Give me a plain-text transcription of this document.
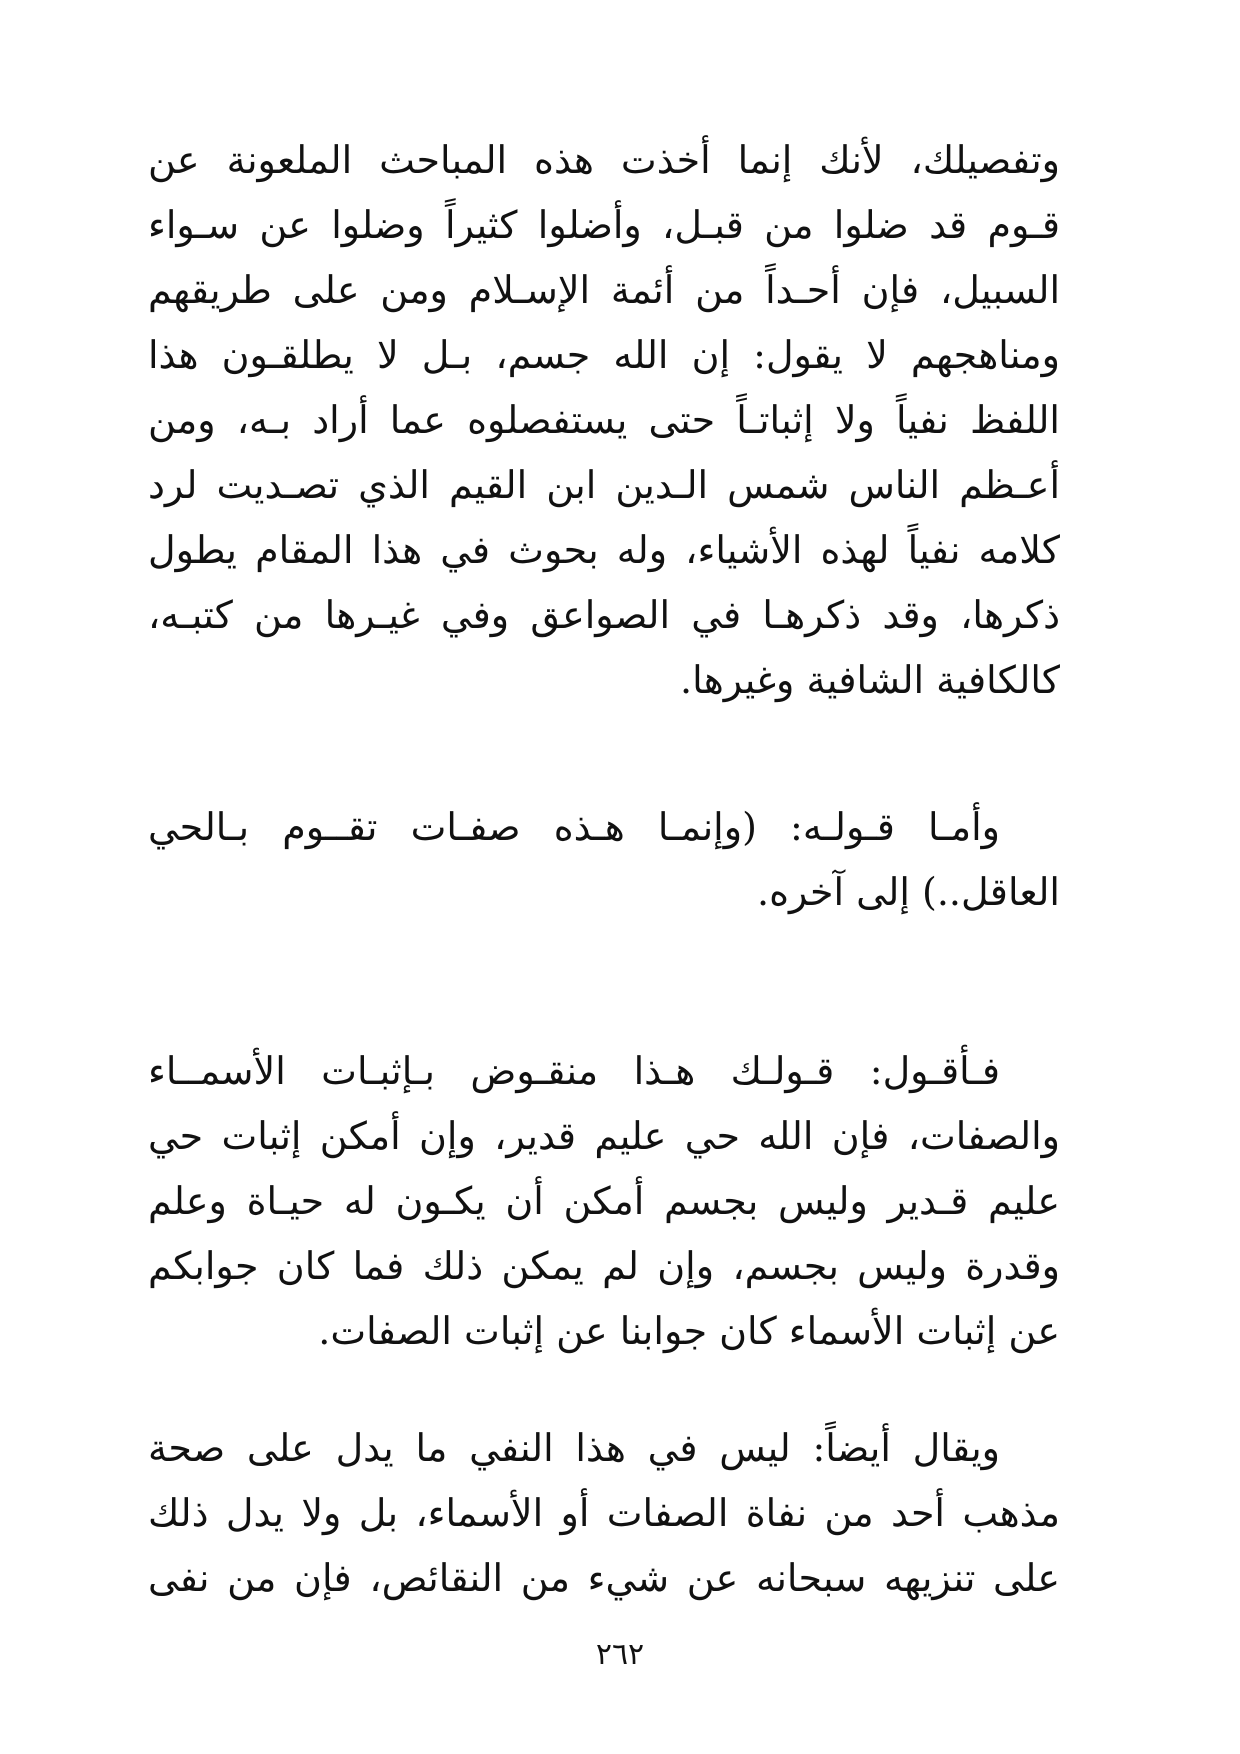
وتفصيلك، لأنك إنما أخذت هذه المباحث الملعونة عن
قـوم قد ضلوا من قبـل، وأضلوا كثيراً وضلوا عن سـواء
السبيل، فإن أحـداً من أئمة الإسـلام ومن على طريقهم
ومناهجهم لا يقول: إن الله جسم، بـل لا يطلقـون هذا
اللفظ نفياً ولا إثباتـاً حتى يستفصلوه عما أراد بـه، ومن
أعـظم الناس شمس الـدين ابن القيم الذي تصـديت لرد
كلامه نفياً لهذه الأشياء، وله بحوث في هذا المقام يطول
ذكرها، وقد ذكرهـا في الصواعق وفي غيـرها من كتبـه،
كالكافية الشافية وغيرها.
وأمـا قـولـه: (وإنمـا هـذه صفـات تقــوم بـالحي
العاقل..) إلى آخره.
فـأقـول: قـولـك هـذا منقـوض بـإثبـات الأسمــاء
والصفات، فإن الله حي عليم قدير، وإن أمكن إثبات حي
عليم قـدير وليس بجسم أمكن أن يكـون له حيـاة وعلم
وقدرة وليس بجسم، وإن لم يمكن ذلك فما كان جوابكم
عن إثبات الأسماء كان جوابنا عن إثبات الصفات.
ويقال أيضاً: ليس في هذا النفي ما يدل على صحة
مذهب أحد من نفاة الصفات أو الأسماء، بل ولا يدل ذلك
على تنزيهه سبحانه عن شيء من النقائص، فإن من نفى
٢٦٢
